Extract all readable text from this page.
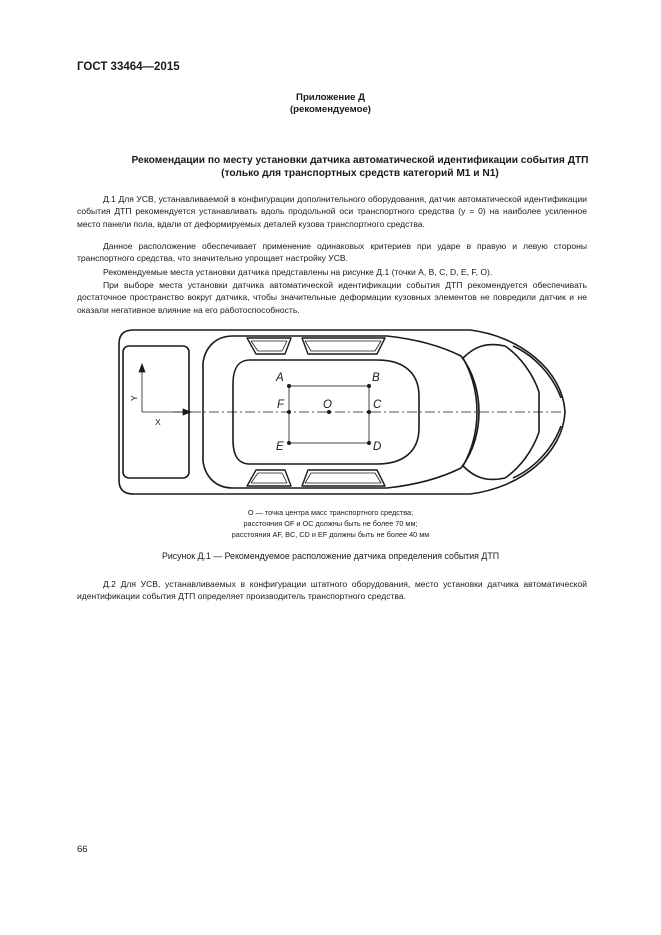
ГОСТ 33464—2015
Приложение Д
(рекомендуемое)
Рекомендации по месту установки датчика автоматической идентификации события ДТП
(только для транспортных средств категорий M1 и N1)

Д.1 Для УСВ, устанавливаемой в конфигурации дополнительного оборудования, датчик автоматической идентификации события ДТП рекомендуется устанавливать вдоль продольной оси транспортного средства (y = 0) на наиболее усиленное место панели пола, вдали от деформируемых деталей кузова транспортного средства.

Данное расположение обеспечивает применение одинаковых критериев при ударе в правую и левую стороны транспортного средства, что значительно упрощает настройку УСВ.

Рекомендуемые места установки датчика представлены на рисунке Д.1 (точки A, B, C, D, E, F, O).

При выборе места установки датчика автоматической идентификации события ДТП рекомендуется обеспечивать достаточное пространство вокруг датчика, чтобы значительные деформации кузовных элементов не повредили датчик и не оказали негативное влияние на его работоспособность.

Y
X
A	B
F	O	C
E	D
O — точка центра масс транспортного средства;
расстояния OF и OC должны быть не более 70 мм;
расстояния AF, BC, CD и EF должны быть не более 40 мм
Рисунок Д.1 — Рекомендуемое расположение датчика определения события ДТП

Д.2 Для УСВ, устанавливаемых в конфигурации штатного оборудования, место установки датчика автоматической идентификации события ДТП определяет производитель транспортного средства.

66
